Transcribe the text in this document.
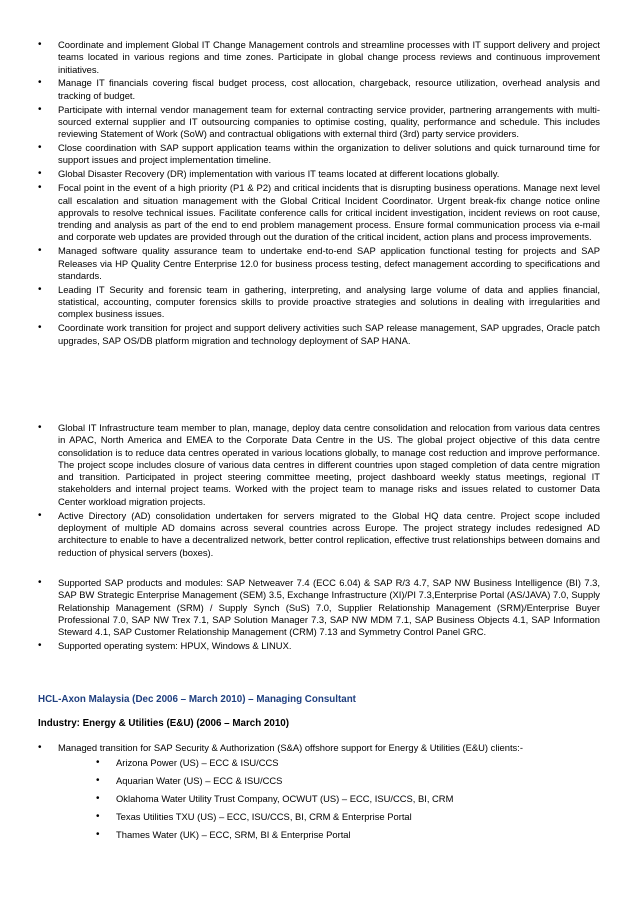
• Coordinate and implement Global IT Change Management controls and streamline processes with IT support delivery and project teams located in various regions and time zones. Participate in global change process reviews and continuous improvement initiatives.
• Manage IT financials covering fiscal budget process, cost allocation, chargeback, resource utilization, overhead analysis and tracking of budget.
• Participate with internal vendor management team for external contracting service provider, partnering arrangements with multi-sourced external supplier and IT outsourcing companies to optimise costing, quality, performance and schedule. This includes reviewing Statement of Work (SoW) and contractual obligations with external third (3rd) party service providers.
• Close coordination with SAP support application teams within the organization to deliver solutions and quick turnaround time for support issues and project implementation timeline.
• Global Disaster Recovery (DR) implementation with various IT teams located at different locations globally.
• Focal point in the event of a high priority (P1 & P2) and critical incidents that is disrupting business operations. Manage next level call escalation and situation management with the Global Critical Incident Coordinator. Urgent break-fix change notice online approvals to resolve technical issues. Facilitate conference calls for critical incident investigation, incident reviews on root cause, trending and analysis as part of the end to end problem management process. Ensure formal communication process via e-mail and corporate web updates are provided through out the duration of the critical incident, action plans and process improvements.
• Managed software quality assurance team to undertake end-to-end SAP application functional testing for projects and SAP Releases via HP Quality Centre Enterprise 12.0 for business process testing, defect management according to specifications and standards.
• Leading IT Security and forensic team in gathering, interpreting, and analysing large volume of data and applies financial, statistical, accounting, computer forensics skills to provide proactive strategies and solutions in dealing with irregularities and complex business issues.
• Coordinate work transition for project and support delivery activities such SAP release management, SAP upgrades, Oracle patch upgrades, SAP OS/DB platform migration and technology deployment of SAP HANA.
• Global IT Infrastructure team member to plan, manage, deploy data centre consolidation and relocation from various data centres in APAC, North America and EMEA to the Corporate Data Centre in the US. The global project objective of this data centre consolidation is to reduce data centres operated in various locations globally, to manage cost reduction and improve performance. The project scope includes closure of various data centres in different countries upon staged completion of data centre migration and transition. Participated in project steering committee meeting, project dashboard weekly status meetings, regional IT stakeholders and internal project teams. Worked with the project team to manage risks and issues related to customer Data Center workload migration projects.
• Active Directory (AD) consolidation undertaken for servers migrated to the Global HQ data centre. Project scope included deployment of multiple AD domains across several countries across Europe. The project strategy includes redesigned AD architecture to enable to have a decentralized network, better control replication, effective trust relationships between domains and reduction of physical servers (boxes).
• Supported SAP products and modules: SAP Netweaver 7.4 (ECC 6.04) & SAP R/3 4.7, SAP NW Business Intelligence (BI) 7.3, SAP BW Strategic Enterprise Management (SEM) 3.5, Exchange Infrastructure (XI)/PI 7.3,Enterprise Portal (AS/JAVA) 7.0, Supply Relationship Management (SRM) / Supply Synch (SuS) 7.0, Supplier Relationship Management (SRM)/Enterprise Buyer Professional 7.0, SAP NW Trex 7.1, SAP Solution Manager 7.3, SAP NW MDM 7.1, SAP Business Objects 4.1, SAP Information Steward 4.1, SAP Customer Relationship Management (CRM) 7.13 and Symmetry Control Panel GRC.
• Supported operating system: HPUX, Windows & LINUX.
HCL-Axon Malaysia (Dec 2006 – March 2010) – Managing Consultant
Industry: Energy & Utilities (E&U) (2006 – March 2010)
• Managed transition for SAP Security & Authorization (S&A) offshore support for Energy & Utilities (E&U) clients:-
• Arizona Power (US) – ECC & ISU/CCS
• Aquarian Water (US) – ECC & ISU/CCS
• Oklahoma Water Utility Trust Company, OCWUT (US) – ECC, ISU/CCS, BI, CRM
• Texas Utilities TXU (US) – ECC, ISU/CCS, BI, CRM & Enterprise Portal
• Thames Water (UK) – ECC, SRM, BI & Enterprise Portal
